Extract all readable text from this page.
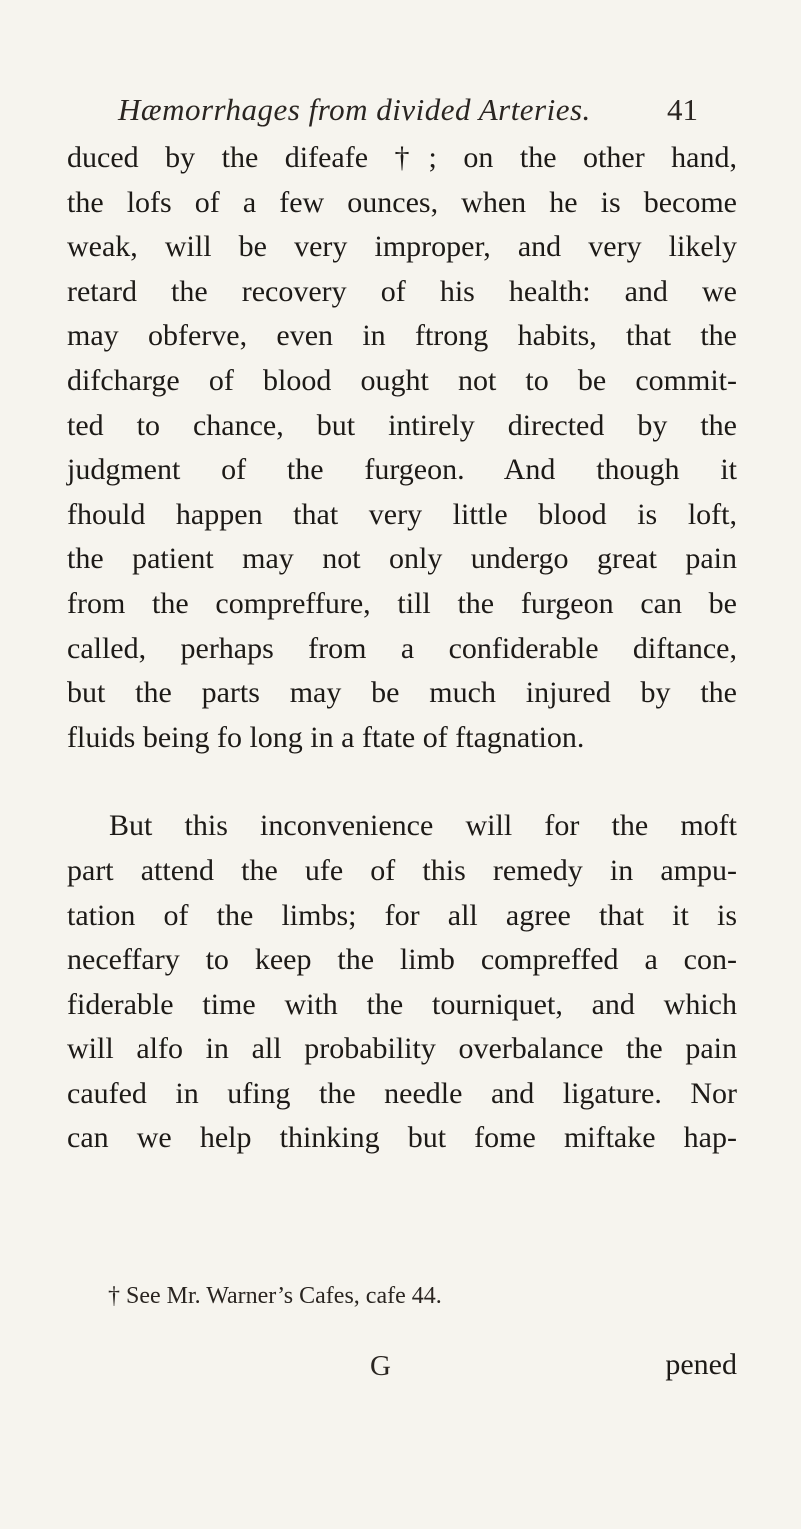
Hæmorrhages from divided Arteries. 41
duced by the difeafe †; on the other hand,
the lofs of a few ounces, when he is become
weak, will be very improper, and very likely
retard the recovery of his health: and we
may obferve, even in ftrong habits, that the
difcharge of blood ought not to be commit-
ted to chance, but intirely directed by the
judgment of the furgeon. And though it
fhould happen that very little blood is loft,
the patient may not only undergo great pain
from the compreffure, till the furgeon can be
called, perhaps from a confiderable diftance,
but the parts may be much injured by the
fluids being fo long in a ftate of ftagnation.
But this inconvenience will for the moft
part attend the ufe of this remedy in ampu-
tation of the limbs; for all agree that it is
neceffary to keep the limb compreffed a con-
fiderable time with the tourniquet, and which
will alfo in all probability overbalance the pain
caufed in ufing the needle and ligature. Nor
can we help thinking but fome miftake hap-
† See Mr. Warner’s Cafes, cafe 44.
G	pened
